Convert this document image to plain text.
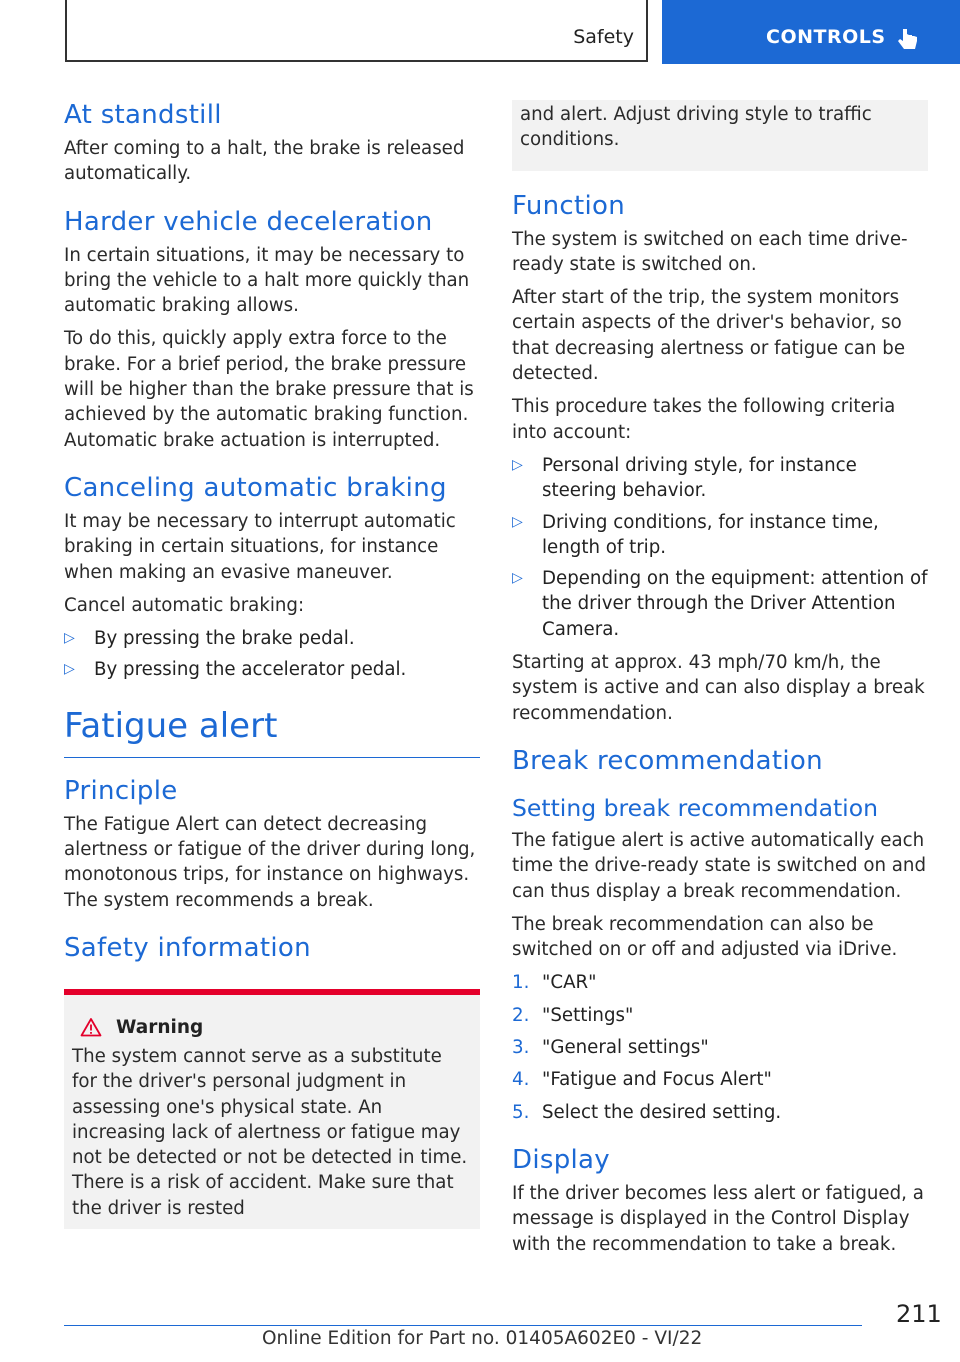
Safety	CONTROLS
At standstill

After coming to a halt, the brake is released automatically.

Harder vehicle deceleration

In certain situations, it may be necessary to bring the vehicle to a halt more quickly than automatic braking allows.

To do this, quickly apply extra force to the brake. For a brief period, the brake pressure will be higher than the brake pressure that is achieved by the automatic braking function. Automatic brake actuation is interrupted.

Canceling automatic braking

It may be necessary to interrupt automatic braking in certain situations, for instance when making an evasive maneuver.

Cancel automatic braking:

▷ By pressing the brake pedal.
▷ By pressing the accelerator pedal.
Fatigue alert
Principle

The Fatigue Alert can detect decreasing alertness or fatigue of the driver during long, monotonous trips, for instance on highways. The system recommends a break.

Safety information
Warning

The system cannot serve as a substitute for the driver's personal judgment in assessing one's physical state. An increasing lack of alertness or fatigue may not be detected or not be detected in time. There is a risk of accident. Make sure that the driver is rested

and alert. Adjust driving style to traffic conditions.
Function

The system is switched on each time drive-ready state is switched on.

After start of the trip, the system monitors certain aspects of the driver's behavior, so that decreasing alertness or fatigue can be detected.

This procedure takes the following criteria into account:

▷ Personal driving style, for instance steering behavior.
▷ Driving conditions, for instance time, length of trip.
▷ Depending on the equipment: attention of the driver through the Driver Attention Camera.

Starting at approx. 43 mph/70 km/h, the system is active and can also display a break recommendation.

Break recommendation
Setting break recommendation

The fatigue alert is active automatically each time the drive-ready state is switched on and can thus display a break recommendation.

The break recommendation can also be switched on or off and adjusted via iDrive.

1. "CAR"
2. "Settings"
3. "General settings"
4. "Fatigue and Focus Alert"
5. Select the desired setting.
Display

If the driver becomes less alert or fatigued, a message is displayed in the Control Display with the recommendation to take a break.

211
Online Edition for Part no. 01405A602E0 - VI/22
